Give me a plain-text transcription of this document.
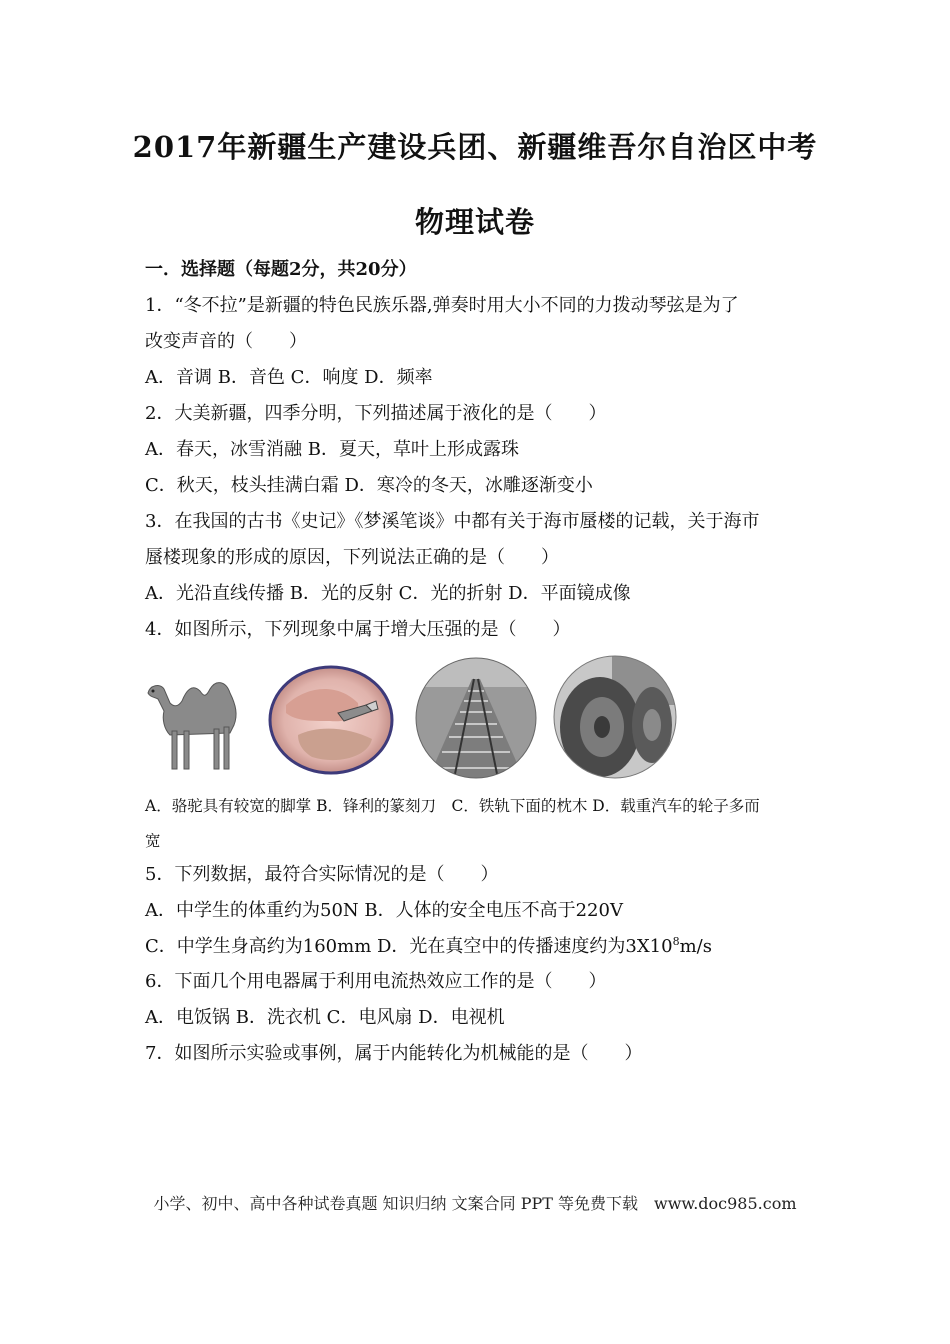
2017年新疆生产建设兵团、新疆维吾尔自治区中考
物理试卷
一．选择题（每题2分，共20分）
1．“冬不拉”是新疆的特色民族乐器,弹奏时用大小不同的力拨动琴弦是为了
改变声音的（　　）
A．音调 B．音色 C．响度 D．频率
2．大美新疆，四季分明，下列描述属于液化的是（　　）
A．春天，冰雪消融 B．夏天，草叶上形成露珠
C．秋天，枝头挂满白霜 D．寒冷的冬天，冰雕逐渐变小
3．在我国的古书《史记》《梦溪笔谈》中都有关于海市蜃楼的记载，关于海市
蜃楼现象的形成的原因，下列说法正确的是（　　）
A．光沿直线传播 B．光的反射 C．光的折射 D．平面镜成像
4．如图所示，下列现象中属于增大压强的是（　　）
A．骆驼具有较宽的脚掌 B．锋利的篆刻刀　C．铁轨下面的枕木 D．载重汽车的轮子多而
宽
5．下列数据，最符合实际情况的是（　　）
A．中学生的体重约为50N B．人体的安全电压不高于220V
C．中学生身高约为160mm D．光在真空中的传播速度约为$3X10^8m/s$
6．下面几个用电器属于利用电流热效应工作的是（　　）
A．电饭锅 B．洗衣机 C．电风扇 D．电视机
7．如图所示实验或事例，属于内能转化为机械能的是（　　）
小学、初中、高中各种试卷真题 知识归纳 文案合同 PPT 等免费下载　www.doc985.com
